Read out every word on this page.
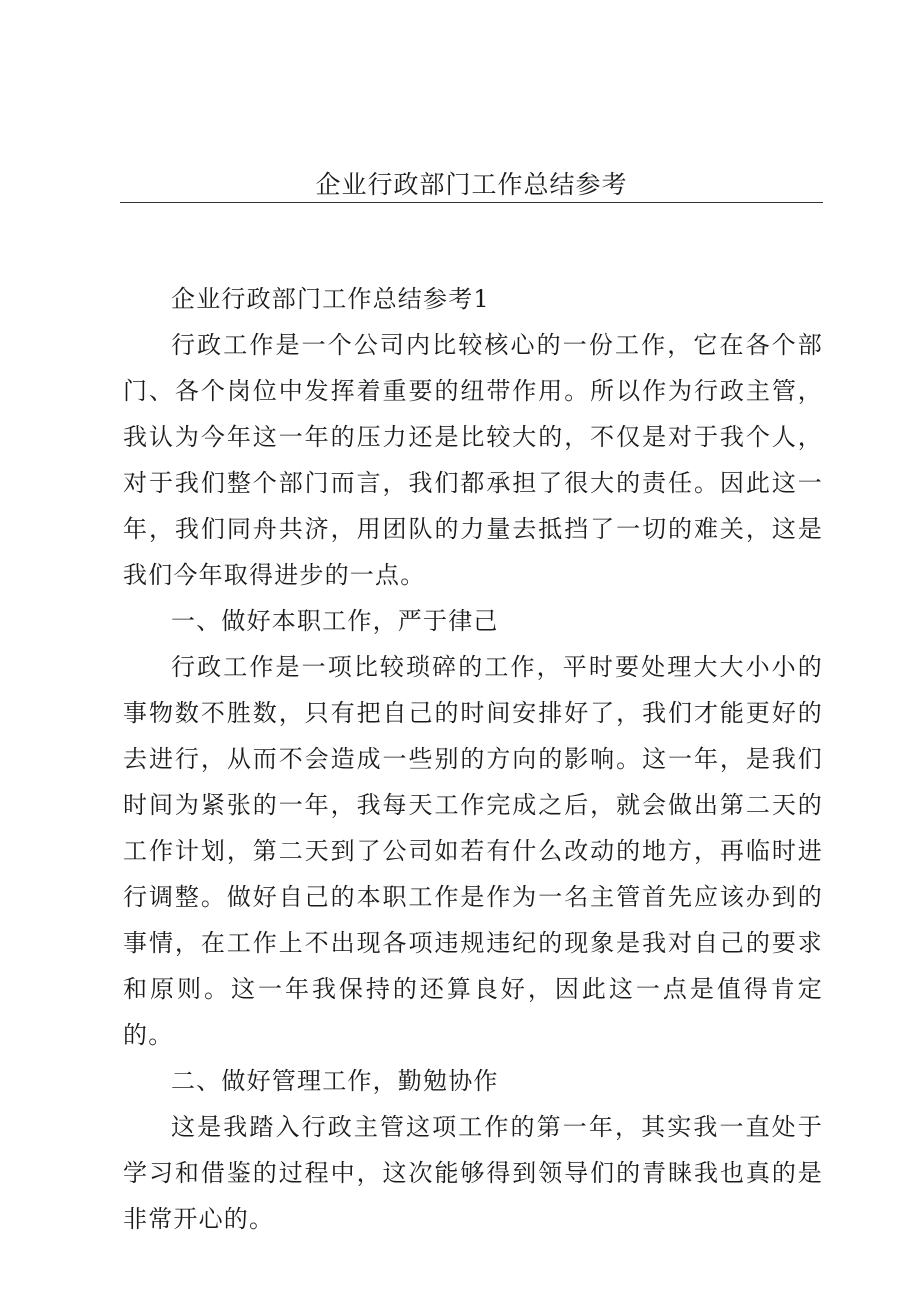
企业行政部门工作总结参考

企业行政部门工作总结参考1

行政工作是一个公司内比较核心的一份工作，它在各个部门、各个岗位中发挥着重要的纽带作用。所以作为行政主管，我认为今年这一年的压力还是比较大的，不仅是对于我个人，对于我们整个部门而言，我们都承担了很大的责任。因此这一年，我们同舟共济，用团队的力量去抵挡了一切的难关，这是我们今年取得进步的一点。

一、做好本职工作，严于律己

行政工作是一项比较琐碎的工作，平时要处理大大小小的事物数不胜数，只有把自己的时间安排好了，我们才能更好的去进行，从而不会造成一些别的方向的影响。这一年，是我们时间为紧张的一年，我每天工作完成之后，就会做出第二天的工作计划，第二天到了公司如若有什么改动的地方，再临时进行调整。做好自己的本职工作是作为一名主管首先应该办到的事情，在工作上不出现各项违规违纪的现象是我对自己的要求和原则。这一年我保持的还算良好，因此这一点是值得肯定的。

二、做好管理工作，勤勉协作

这是我踏入行政主管这项工作的第一年，其实我一直处于学习和借鉴的过程中，这次能够得到领导们的青睐我也真的是非常开心的。
